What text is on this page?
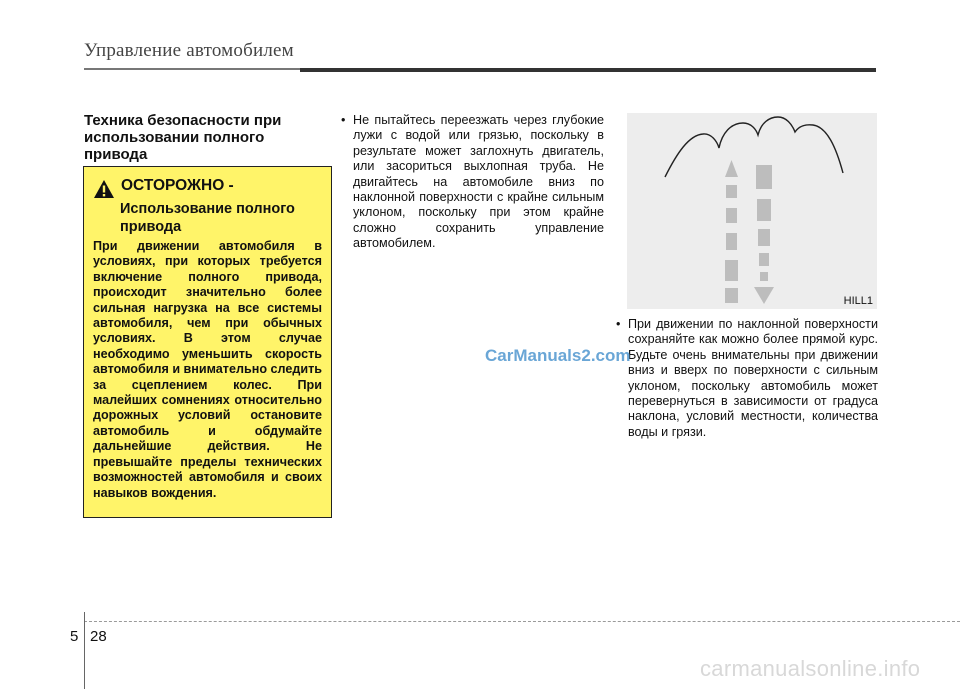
Управление автомобилем
Техника безопасности при использовании полного привода
ОСТОРОЖНО -
Использование полного привода
При движении автомобиля в условиях, при которых требуется включение полного привода, происходит значительно более сильная нагрузка на все системы автомобиля, чем при обычных условиях. В этом случае необходимо уменьшить скорость автомобиля и внимательно следить за сцеплением колес. При малейших сомнениях относительно дорожных условий остановите автомобиль и обдумайте дальнейшие действия. Не превышайте пределы технических возможностей автомобиля и своих навыков вождения.
• Не пытайтесь переезжать через глубокие лужи с водой или грязью, поскольку в результате может заглохнуть двигатель, или засориться выхлопная труба. Не двигайтесь на автомобиле вниз по наклонной поверхности с крайне сильным уклоном, поскольку при этом крайне сложно сохранить управление автомобилем.
HILL1
• При движении по наклонной поверхности сохраняйте как можно более прямой курс. Будьте очень внимательны при движении вниз и вверх по поверхности с сильным уклоном, поскольку автомобиль может перевернуться в зависимости от градуса наклона, условий местности, количества воды и грязи.
CarManuals2.com
5 28
carmanualsonline.info
